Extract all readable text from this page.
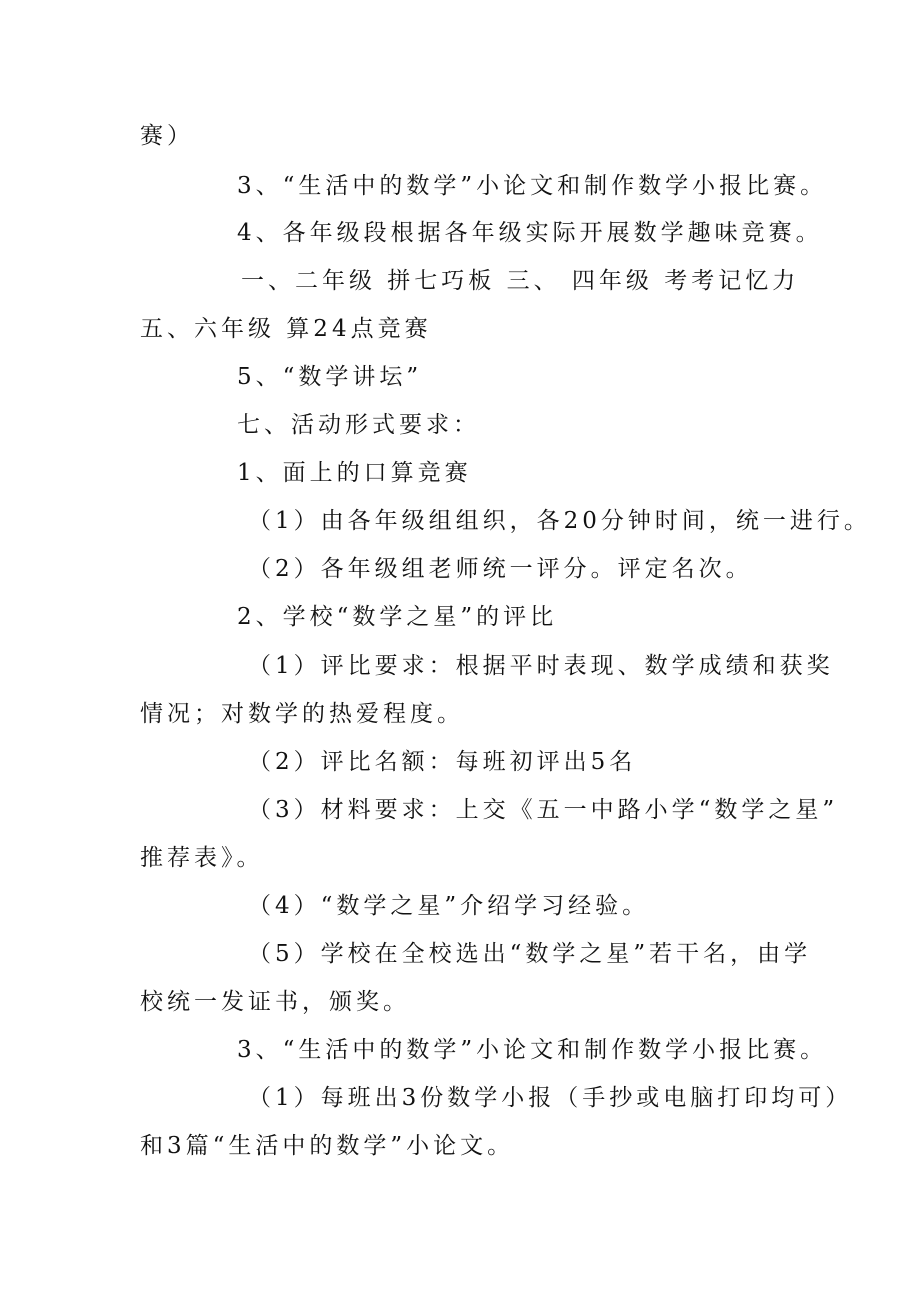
赛）
3、“生活中的数学”小论文和制作数学小报比赛。
4、各年级段根据各年级实际开展数学趣味竞赛。
一、二年级 拼七巧板 三、 四年级 考考记忆力
五、六年级 算24点竞赛
5、“数学讲坛”
七、活动形式要求：
1、面上的口算竞赛
（1）由各年级组组织，各20分钟时间，统一进行。
（2）各年级组老师统一评分。评定名次。
2、学校“数学之星”的评比
（1）评比要求：根据平时表现、数学成绩和获奖
情况；对数学的热爱程度。
（2）评比名额：每班初评出5名
（3）材料要求：上交《五一中路小学“数学之星”
推荐表》。
（4）“数学之星”介绍学习经验。
（5）学校在全校选出“数学之星”若干名，由学
校统一发证书，颁奖。
3、“生活中的数学”小论文和制作数学小报比赛。
（1）每班出3份数学小报（手抄或电脑打印均可）
和3篇“生活中的数学”小论文。
